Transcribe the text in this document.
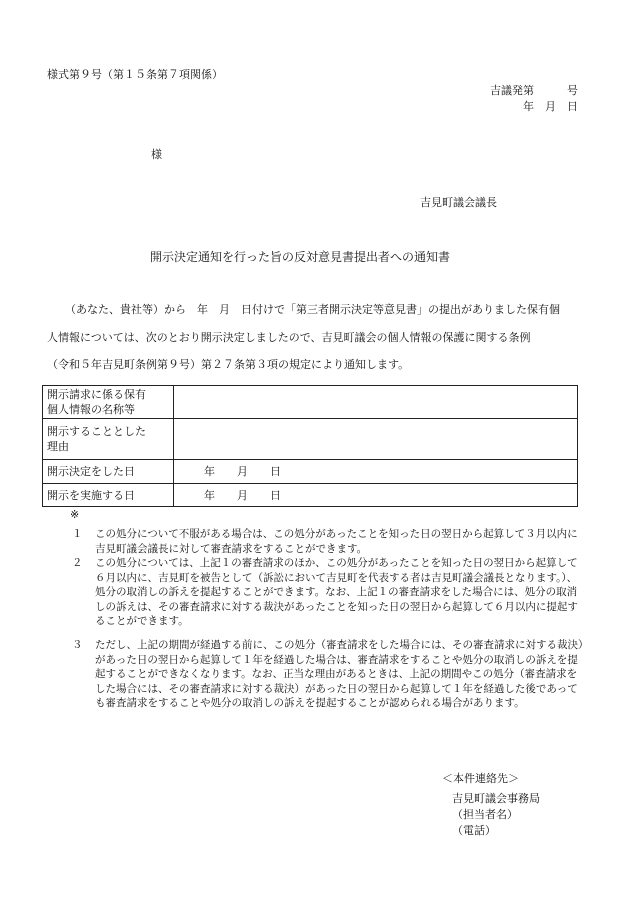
様式第９号（第１５条第７項関係）
吉議発第　　　号
年　月　日
様
吉見町議会議長
開示決定通知を行った旨の反対意見書提出者への通知書

（あなた、貴社等）から　年　月　日付けで「第三者開示決定等意見書」の提出がありました保有個

人情報については、次のとおり開示決定しましたので、吉見町議会の個人情報の保護に関する条例

（令和５年吉見町条例第９号）第２７条第３項の規定により通知します。

開示請求に係る保有
個人情報の名称等	

開示することとした
理由	

開示決定をした日	年　　月　　日

開示を実施する日	年　　月　　日
※
１ この処分について不服がある場合は、この処分があったことを知った日の翌日から起算して３月以内に吉見町議会議長に対して審査請求をすることができます。
２ この処分については、上記１の審査請求のほか、この処分があったことを知った日の翌日から起算して６月以内に、吉見町を被告として（訴訟において吉見町を代表する者は吉見町議会議長となります。）、処分の取消しの訴えを提起することができます。なお、上記１の審査請求をした場合には、処分の取消しの訴えは、その審査請求に対する裁決があったことを知った日の翌日から起算して６月以内に提起することができます。
３ ただし、上記の期間が経過する前に、この処分（審査請求をした場合には、その審査請求に対する裁決）があった日の翌日から起算して１年を経過した場合は、審査請求をすることや処分の取消しの訴えを提起することができなくなります。なお、正当な理由があるときは、上記の期間やこの処分（審査請求をした場合には、その審査請求に対する裁決）があった日の翌日から起算して１年を経過した後であっても審査請求をすることや処分の取消しの訴えを提起することが認められる場合があります。
＜本件連絡先＞
吉見町議会事務局
（担当者名）
（電話）
